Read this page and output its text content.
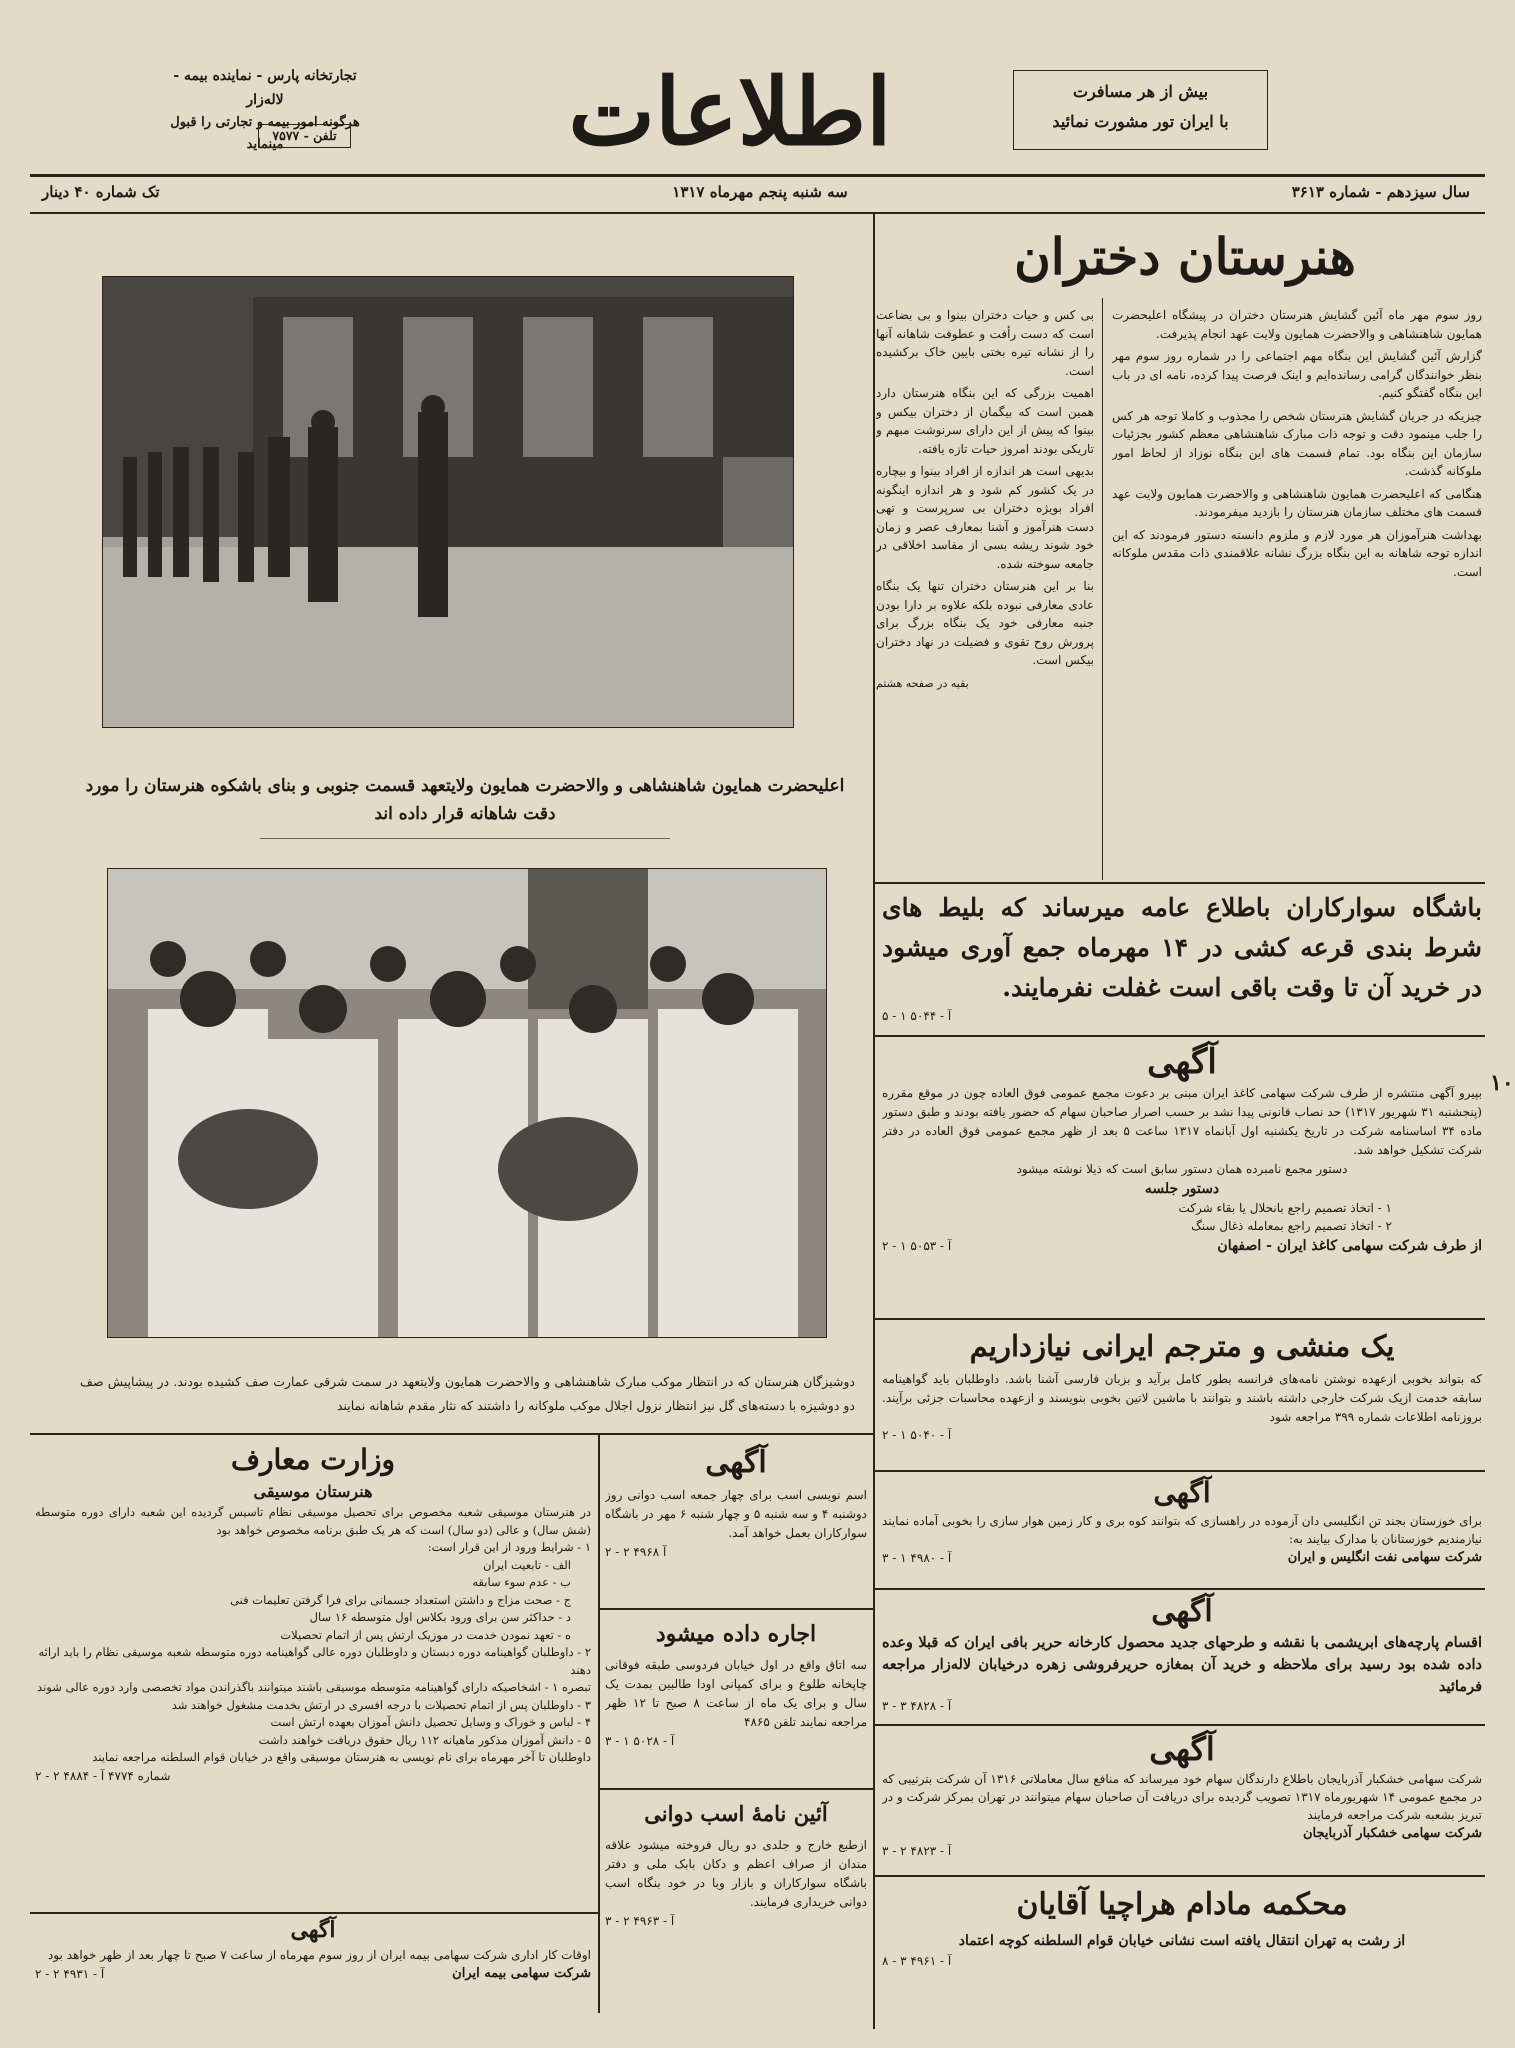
تجارتخانه پارس - نماینده بیمه - لاله‌زار
هرگونه امور بیمه و تجارتی را قبول مینماید
تلفن - ۷۵۷۷	اطلاعات	بیش از هر مسافرت
با ایران تور مشورت نمائید
سال سیزدهم - شماره ۳۶۱۳
سه شنبه پنجم مهرماه ۱۳۱۷
تک شماره ۴۰ دینار
هنرستان دختران

روز سوم مهر ماه آئین گشایش هنرستان دختران در پیشگاه اعلیحضرت همایون شاهنشاهی و والاحضرت همایون ولایت عهد انجام پذیرفت.

گزارش آئین گشایش این بنگاه مهم اجتماعی را در شماره روز سوم مهر بنظر خوانندگان گرامی رسانده‌ایم و اینک فرصت پیدا کرده، نامه ای در باب این بنگاه گفتگو کنیم.

چیزیکه در جریان گشایش هنرستان شخص را مجذوب و کاملا توجه هر کس را جلب مینمود دقت و توجه ذات مبارک شاهنشاهی معظم کشور بجزئیات سازمان این بنگاه بود. تمام قسمت های این بنگاه نوزاد از لحاظ امور ملوکانه گذشت.

هنگامی که اعلیحضرت همایون شاهنشاهی و والاحضرت همایون ولایت عهد قسمت های مختلف سازمان هنرستان را بازدید میفرمودند.

بهداشت هنرآموزان هر مورد لازم و ملزوم دانسته دستور فرمودند که این اندازه توجه شاهانه به این بنگاه بزرگ نشانه علاقمندی ذات مقدس ملوکانه است.

بی کس و حیات دختران بینوا و بی بضاعت است که دست رأفت و عطوفت شاهانه آنها را از نشانه تیره بختی بایین خاک برکشیده است.

اهمیت بزرگی که این بنگاه هنرستان دارد همین است که بیگمان از دختران بیکس و بینوا که پیش از این دارای سرنوشت مبهم و تاریکی بودند امروز حیات تازه یافته.

بدیهی است هر اندازه از افراد بینوا و بیچاره در یک کشور کم شود و هر اندازه اینگونه افراد بویژه دختران بی سرپرست و تهی دست هنرآموز و آشنا بمعارف عصر و زمان خود شوند ریشه بسی از مفاسد اخلاقی در جامعه سوخته شده.

بنا بر این هنرستان دختران تنها یک بنگاه عادی معارفی نبوده بلکه علاوه بر دارا بودن جنبه معارفی خود یک بنگاه بزرگ برای پرورش روح تقوی و فضیلت در نهاد دختران بیکس است.

بقیه در صفحه هشتم

اعلیحضرت همایون شاهنشاهی و والاحضرت همایون ولایتعهد قسمت جنوبی و بنای باشکوه هنرستان را مورد دقت شاهانه قرار داده اند
دوشیزگان هنرستان که در انتظار موکب مبارک شاهنشاهی و والاحضرت همایون ولایتعهد در سمت شرقی عمارت صف کشیده بودند. در پیشاپیش صف دو دوشیزه با دسته‌های گل نیز انتظار نزول اجلال موکب ملوکانه را داشتند که نثار مقدم شاهانه نمایند
باشگاه سوارکاران باطلاع عامه میرساند که بلیط های شرط بندی قرعه کشی در ۱۴ مهرماه جمع آوری میشود در خرید آن تا وقت باقی است غفلت نفرمایند.
آ - ۵۰۴۴ ۱ - ۵
آگهی
بپیرو آگهی منتشره از طرف شرکت سهامی کاغذ ایران مبنی بر دعوت مجمع عمومی فوق العاده چون در موقع مقرره (پنجشنبه ۳۱ شهریور ۱۳۱۷) حد نصاب قانونی پیدا نشد بر حسب اصرار صاحبان سهام که حضور یافته بودند و طبق دستور ماده ۳۴ اساسنامه شرکت در تاریخ یکشنبه اول آبانماه ۱۳۱۷ ساعت ۵ بعد از ظهر مجمع عمومی فوق العاده در دفتر شرکت تشکیل خواهد شد.
دستور مجمع نامبرده همان دستور سابق است که ذیلا نوشته میشود
دستور جلسه
۱ - اتخاذ تصمیم راجع بانحلال یا بقاء شرکت
۲ - اتخاذ تصمیم راجع بمعامله ذغال سنگ
از طرف شرکت سهامی کاغذ ایران - اصفهان
آ - ۵۰۵۳ ۱ - ۲
یک منشی و مترجم ایرانی نیازداریم
که بتواند بخوبی ازعهده نوشتن نامه‌های فرانسه بطور کامل برآید و بزبان فارسی آشنا باشد. داوطلبان باید گواهینامه سابقه خدمت ازیک شرکت خارجی داشته باشند و بتوانند با ماشین لاتین بخوبی بنویسند و ازعهده محاسبات جزئی برآیند. بروزنامه اطلاعات شماره ۳۹۹ مراجعه شود
آ - ۵۰۴۰ ۱ - ۲
آگهی
برای خوزستان بجند تن انگلیسی دان آزموده در راهسازی که بتوانند کوه بری و کار زمین هوار سازی را بخوبی آماده نمایند نیازمندیم خوزستانان با مدارک بیایند به:
شرکت سهامی نفت انگلیس و ایران
آ - ۴۹۸۰ ۱ - ۳
آگهی
اقسام پارچه‌های ابریشمی با نقشه و طرحهای جدید محصول کارخانه حریر بافی ایران که قبلا وعده داده شده بود رسید برای ملاحظه و خرید آن بمغازه حریرفروشی زهره درخیابان لاله‌زار مراجعه فرمائید
آ - ۴۸۲۸ ۳ - ۳
آگهی
شرکت سهامی خشکبار آذربایجان باطلاع دارندگان سهام خود میرساند که منافع سال معاملاتی ۱۳۱۶ آن شرکت بترتیبی که در مجمع عمومی ۱۴ شهریورماه ۱۳۱۷ تصویب گردیده برای دریافت آن صاحبان سهام میتوانند در تهران بمرکز شرکت و در تبریز بشعبه شرکت مراجعه فرمایند
شرکت سهامی خشکبار آذربایجان
آ - ۴۸۲۳ ۲ - ۳
محکمه مادام هراچیا آقایان
از رشت به تهران انتقال یافته است نشانی خیابان قوام السلطنه کوچه اعتماد
آ - ۴۹۶۱ ۳ - ۸
آگهی
اسم نویسی اسب برای چهار جمعه اسب دوانی روز دوشنبه ۴ و سه شنبه ۵ و چهار شنبه ۶ مهر در باشگاه سوارکاران بعمل خواهد آمد.
آ ۴۹۶۸ ۲ - ۲
اجاره داده میشود
سه اتاق واقع در اول خیابان فردوسی طبقه فوقانی چاپخانه طلوع و برای کمپانی اودا طالبین بمدت یک سال و برای یک ماه از ساعت ۸ صبح تا ۱۲ ظهر مراجعه نمایند تلفن ۴۸۶۵
آ - ۵۰۲۸ ۱ - ۳
آئین نامهٔ اسب دوانی
ازطبع خارج و جلدی دو ریال فروخته میشود علاقه مندان از صراف اعظم و دکان بابک ملی و دفتر باشگاه سوارکاران و بازار وبا در خود بنگاه اسب دوانی خریداری فرمایند.
آ - ۴۹۶۳ ۲ - ۳
وزارت معارف
هنرستان موسیقی
در هنرستان موسیقی شعبه مخصوص برای تحصیل موسیقی نظام تاسیس گردیده این شعبه دارای دوره متوسطه (شش سال) و عالی (دو سال) است که هر یک طبق برنامه مخصوص خواهد بود
۱ - شرایط ورود از این قرار است:
الف - تابعیت ایران
ب - عدم سوء سابقه
ج - صحت مزاج و داشتن استعداد جسمانی برای فرا گرفتن تعلیمات فنی
د - حداکثر سن برای ورود بکلاس اول متوسطه ۱۶ سال
ه - تعهد نمودن خدمت در موزیک ارتش پس از اتمام تحصیلات
۲ - داوطلبان گواهینامه دوره دبستان و داوطلبان دوره عالی گواهینامه دوره متوسطه شعبه موسیقی نظام را باید ارائه دهند
تبصره ۱ - اشخاصیکه دارای گواهینامه متوسطه موسیقی باشند میتوانند باگذراندن مواد تخصصی وارد دوره عالی شوند
۳ - داوطلبان پس از اتمام تحصیلات با درجه افسری در ارتش بخدمت مشغول خواهند شد
۴ - لباس و خوراک و وسایل تحصیل دانش آموزان بعهده ارتش است
۵ - دانش آموزان مذکور ماهیانه ۱۱۲ ریال حقوق دریافت خواهند داشت
داوطلبان تا آخر مهرماه برای نام نویسی به هنرستان موسیقی واقع در خیابان قوام السلطنه مراجعه نمایند
شماره ۴۷۷۴ آ - ۴۸۸۴ ۲ - ۲
آگهی
اوقات کار اداری شرکت سهامی بیمه ایران از روز سوم مهرماه از ساعت ۷ صبح تا چهار بعد از ظهر خواهد بود
شرکت سهامی بیمه ایران
آ - ۴۹۳۱ ۲ - ۲
۱۰
